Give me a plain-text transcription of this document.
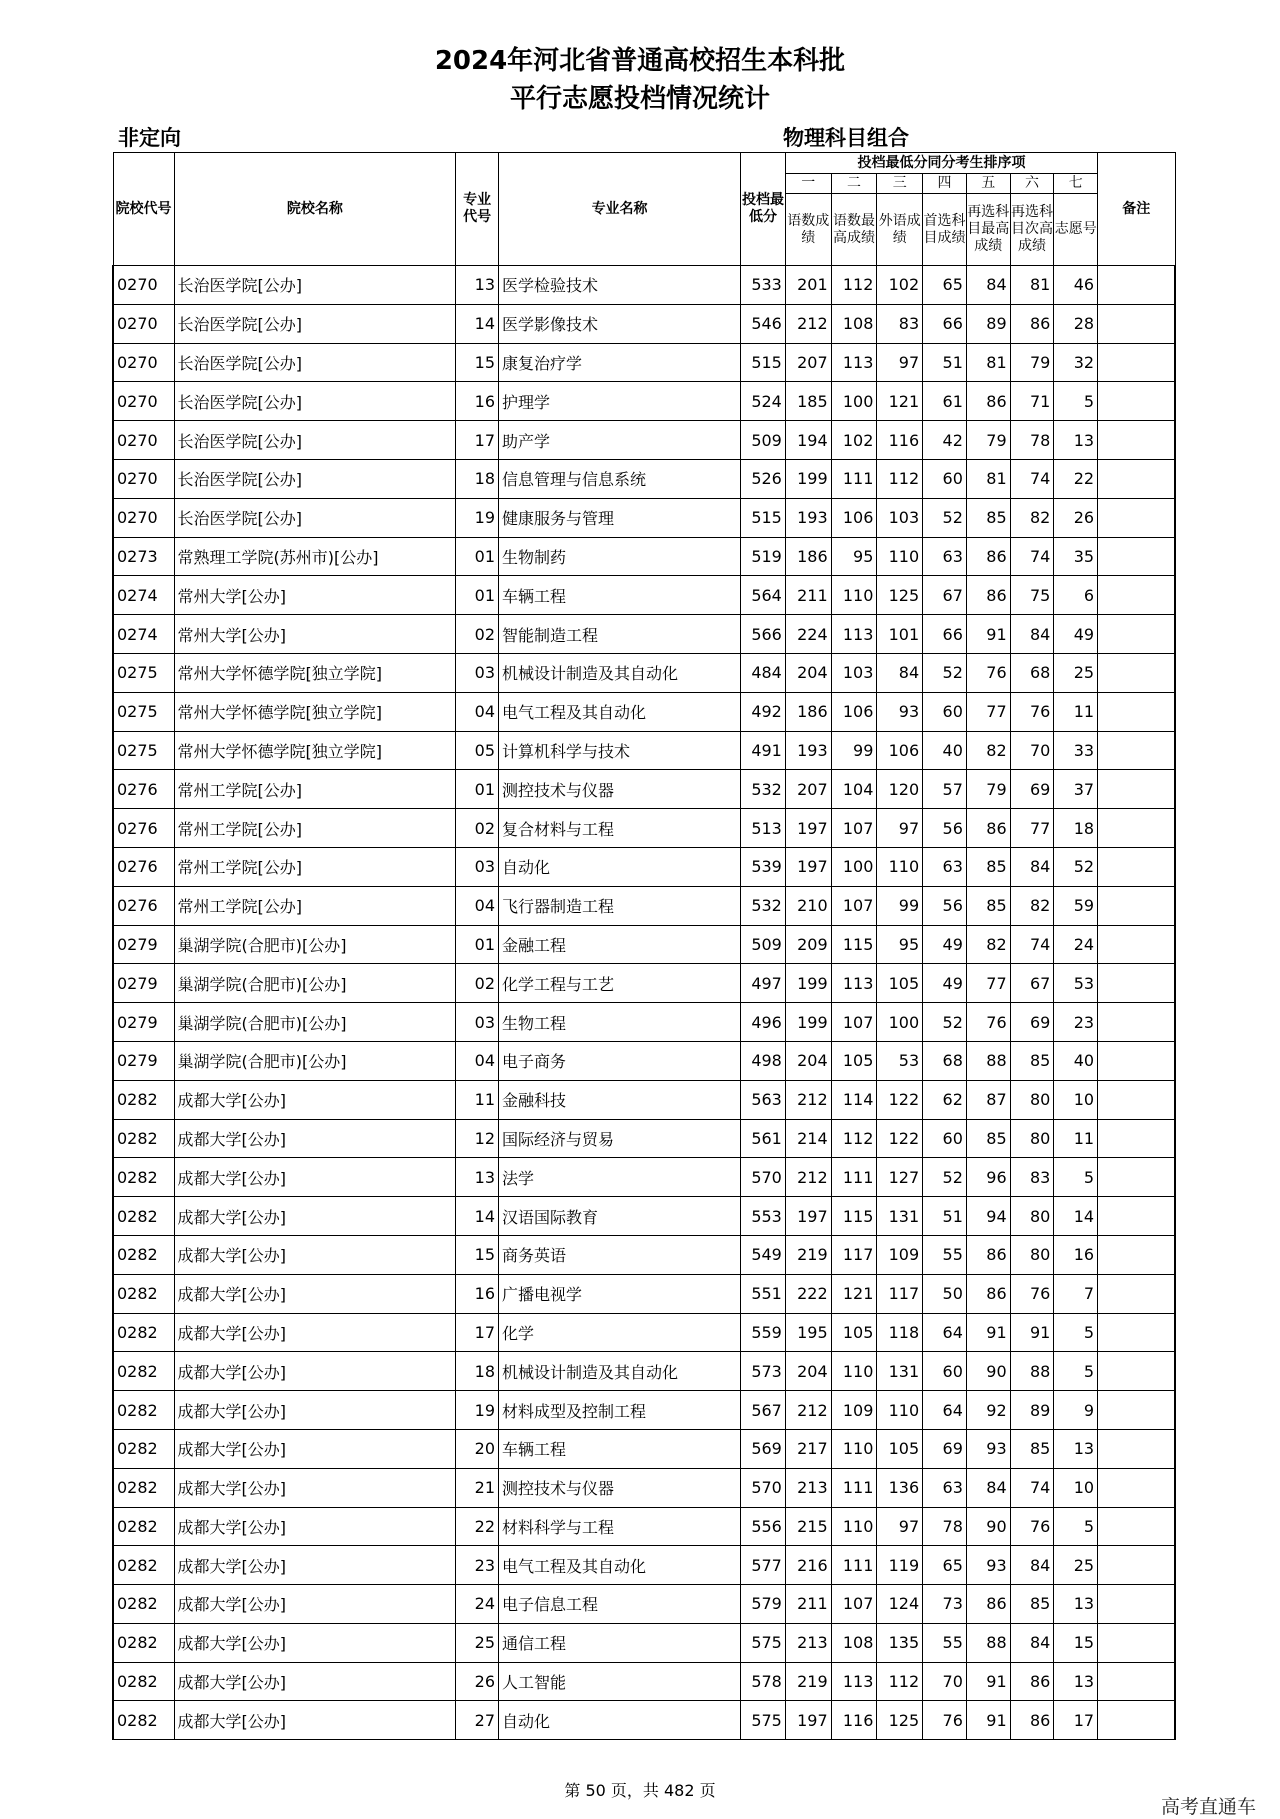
2024年河北省普通高校招生本科批
平行志愿投档情况统计
非定向	物理科目组合
院校代号	院校名称	专业代号	专业名称	投档最低分	投档最低分同分考生排序项							备注
					一	二	三	四	五	六	七	
					语数成绩	语数最高成绩	外语成绩	首选科目成绩	再选科目最高成绩	再选科目次高成绩	志愿号	
0270	长治医学院[公办]	13	医学检验技术	533	201	112	102	65	84	81	46	
0270	长治医学院[公办]	14	医学影像技术	546	212	108	83	66	89	86	28	
0270	长治医学院[公办]	15	康复治疗学	515	207	113	97	51	81	79	32	
0270	长治医学院[公办]	16	护理学	524	185	100	121	61	86	71	5	
0270	长治医学院[公办]	17	助产学	509	194	102	116	42	79	78	13	
0270	长治医学院[公办]	18	信息管理与信息系统	526	199	111	112	60	81	74	22	
0270	长治医学院[公办]	19	健康服务与管理	515	193	106	103	52	85	82	26	
0273	常熟理工学院(苏州市)[公办]	01	生物制药	519	186	95	110	63	86	74	35	
0274	常州大学[公办]	01	车辆工程	564	211	110	125	67	86	75	6	
0274	常州大学[公办]	02	智能制造工程	566	224	113	101	66	91	84	49	
0275	常州大学怀德学院[独立学院]	03	机械设计制造及其自动化	484	204	103	84	52	76	68	25	
0275	常州大学怀德学院[独立学院]	04	电气工程及其自动化	492	186	106	93	60	77	76	11	
0275	常州大学怀德学院[独立学院]	05	计算机科学与技术	491	193	99	106	40	82	70	33	
0276	常州工学院[公办]	01	测控技术与仪器	532	207	104	120	57	79	69	37	
0276	常州工学院[公办]	02	复合材料与工程	513	197	107	97	56	86	77	18	
0276	常州工学院[公办]	03	自动化	539	197	100	110	63	85	84	52	
0276	常州工学院[公办]	04	飞行器制造工程	532	210	107	99	56	85	82	59	
0279	巢湖学院(合肥市)[公办]	01	金融工程	509	209	115	95	49	82	74	24	
0279	巢湖学院(合肥市)[公办]	02	化学工程与工艺	497	199	113	105	49	77	67	53	
0279	巢湖学院(合肥市)[公办]	03	生物工程	496	199	107	100	52	76	69	23	
0279	巢湖学院(合肥市)[公办]	04	电子商务	498	204	105	53	68	88	85	40	
0282	成都大学[公办]	11	金融科技	563	212	114	122	62	87	80	10	
0282	成都大学[公办]	12	国际经济与贸易	561	214	112	122	60	85	80	11	
0282	成都大学[公办]	13	法学	570	212	111	127	52	96	83	5	
0282	成都大学[公办]	14	汉语国际教育	553	197	115	131	51	94	80	14	
0282	成都大学[公办]	15	商务英语	549	219	117	109	55	86	80	16	
0282	成都大学[公办]	16	广播电视学	551	222	121	117	50	86	76	7	
0282	成都大学[公办]	17	化学	559	195	105	118	64	91	91	5	
0282	成都大学[公办]	18	机械设计制造及其自动化	573	204	110	131	60	90	88	5	
0282	成都大学[公办]	19	材料成型及控制工程	567	212	109	110	64	92	89	9	
0282	成都大学[公办]	20	车辆工程	569	217	110	105	69	93	85	13	
0282	成都大学[公办]	21	测控技术与仪器	570	213	111	136	63	84	74	10	
0282	成都大学[公办]	22	材料科学与工程	556	215	110	97	78	90	76	5	
0282	成都大学[公办]	23	电气工程及其自动化	577	216	111	119	65	93	84	25	
0282	成都大学[公办]	24	电子信息工程	579	211	107	124	73	86	85	13	
0282	成都大学[公办]	25	通信工程	575	213	108	135	55	88	84	15	
0282	成都大学[公办]	26	人工智能	578	219	113	112	70	91	86	13	
0282	成都大学[公办]	27	自动化	575	197	116	125	76	91	86	17	
第 50 页，共 482 页
高考直通车
